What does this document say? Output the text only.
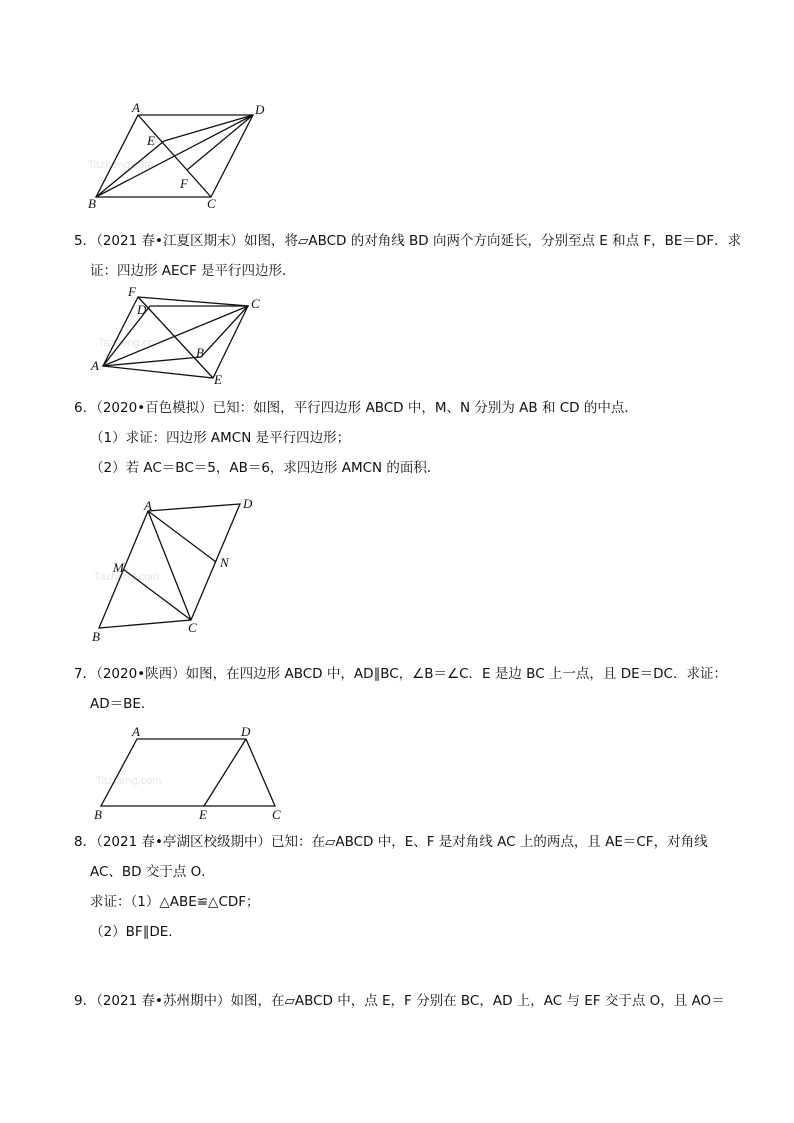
Tazheng.com
A	D
E
F
B	C
5．（2021 春•江夏区期末）如图，将▱ABCD 的对角线 BD 向两个方向延长，分别至点 E 和点 F，BE＝DF．求
证：四边形 AECF 是平行四边形．
Tazheng.com
F
D	C
A
B
E
6．（2020•百色模拟）已知：如图，平行四边形 ABCD 中，M、N 分别为 AB 和 CD 的中点．
（1）求证：四边形 AMCN 是平行四边形；
（2）若 AC＝BC＝5，AB＝6，求四边形 AMCN 的面积．
Tazheng.com
A	D
M	N
B
C
7．（2020•陕西）如图，在四边形 ABCD 中，AD∥BC，∠B＝∠C．E 是边 BC 上一点，且 DE＝DC．求证：
AD＝BE．
Tazheng.com
A	D
B	E	C
8．（2021 春•亭湖区校级期中）已知：在▱ABCD 中，E、F 是对角线 AC 上的两点，且 AE＝CF，对角线
AC、BD 交于点 O．
求证：（1）△ABE≌△CDF；
（2）BF∥DE．
9．（2021 春•苏州期中）如图，在▱ABCD 中，点 E，F 分别在 BC，AD 上，AC 与 EF 交于点 O，且 AO＝
